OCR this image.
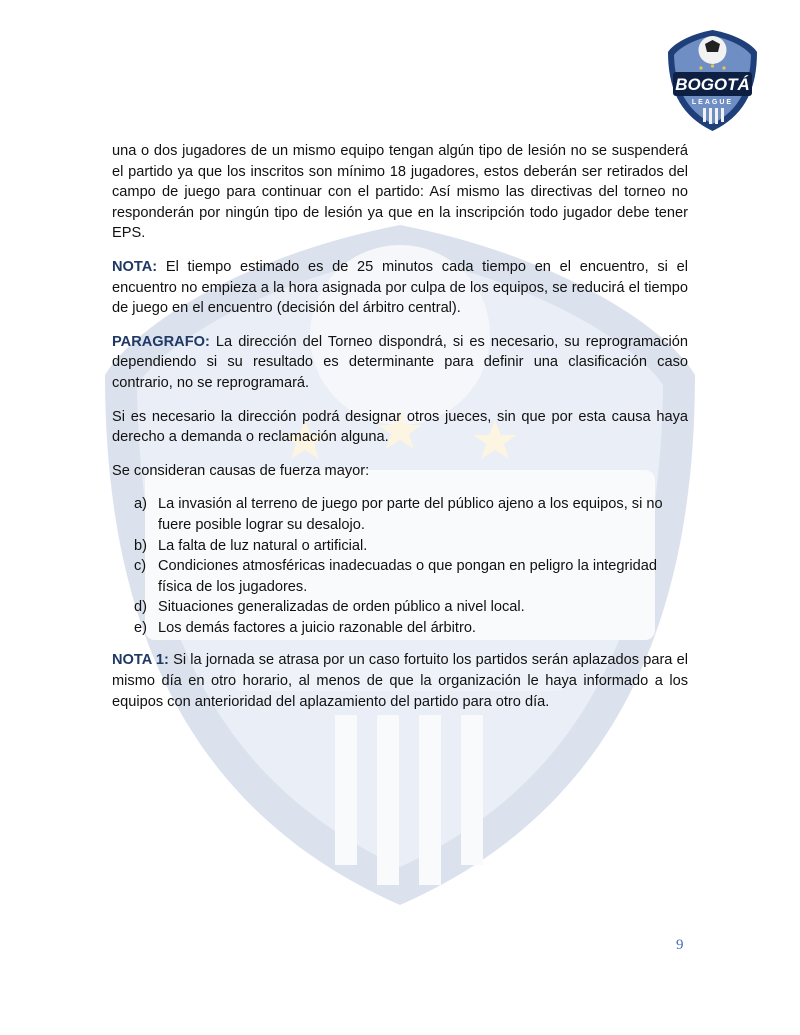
BOGOTÁ
LEAGUE

una o dos jugadores de un mismo equipo tengan algún tipo de lesión no se suspenderá el partido ya que los inscritos son mínimo 18 jugadores, estos deberán ser retirados del campo de juego para continuar con el partido: Así mismo las directivas del torneo no responderán por ningún tipo de lesión ya que en la inscripción todo jugador debe tener EPS.

NOTA: El tiempo estimado es de 25 minutos cada tiempo en el encuentro, si el encuentro no empieza a la hora asignada por culpa de los equipos, se reducirá el tiempo de juego en el encuentro (decisión del árbitro central).

PARAGRAFO: La dirección del Torneo dispondrá, si es necesario, su reprogramación dependiendo si su resultado es determinante para definir una clasificación caso contrario, no se reprogramará.

Si es necesario la dirección podrá designar otros jueces, sin que por esta causa haya derecho a demanda o reclamación alguna.

Se consideran causas de fuerza mayor:

a) La invasión al terreno de juego por parte del público ajeno a los equipos, si no fuere posible lograr su desalojo.
b) La falta de luz natural o artificial.
c) Condiciones atmosféricas inadecuadas o que pongan en peligro la integridad física de los jugadores.
d) Situaciones generalizadas de orden público a nivel local.
e) Los demás factores a juicio razonable del árbitro.

NOTA 1: Si la jornada se atrasa por un caso fortuito los partidos serán aplazados para el mismo día en otro horario, al menos de que la organización le haya informado a los equipos con anterioridad del aplazamiento del partido para otro día.

9
